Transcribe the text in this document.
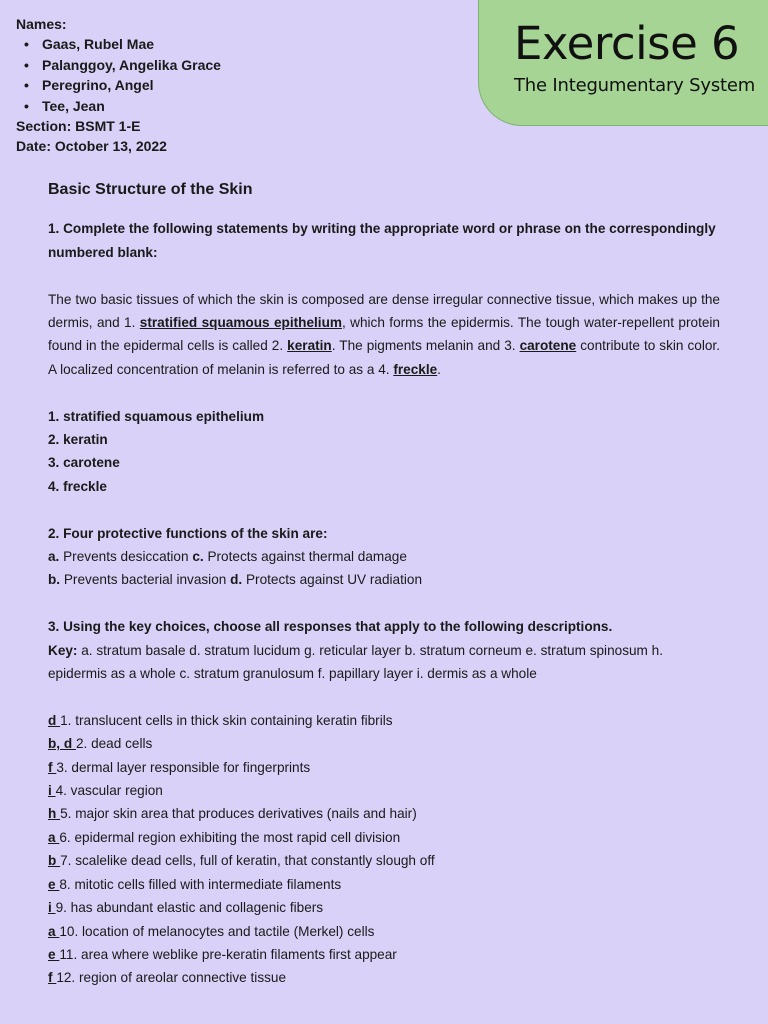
Exercise 6
The Integumentary System
Names:
• Gaas, Rubel Mae
• Palanggoy, Angelika Grace
• Peregrino, Angel
• Tee, Jean
Section: BSMT 1-E
Date: October 13, 2022
Basic Structure of the Skin

1. Complete the following statements by writing the appropriate word or phrase on the correspondingly
numbered blank:

The two basic tissues of which the skin is composed are dense irregular connective tissue, which makes up the dermis, and 1. stratified squamous epithelium, which forms the epidermis. The tough water-repellent protein found in the epidermal cells is called 2. keratin. The pigments melanin and 3. carotene contribute to skin color. A localized concentration of melanin is referred to as a 4. freckle.

1. stratified squamous epithelium
2. keratin
3. carotene
4. freckle
2. Four protective functions of the skin are:
a. Prevents desiccation c. Protects against thermal damage
b. Prevents bacterial invasion d. Protects against UV radiation
3. Using the key choices, choose all responses that apply to the following descriptions.
Key: a. stratum basale d. stratum lucidum g. reticular layer b. stratum corneum e. stratum spinosum h. epidermis as a whole c. stratum granulosum f. papillary layer i. dermis as a whole
d 1. translucent cells in thick skin containing keratin fibrils
b, d 2. dead cells
f 3. dermal layer responsible for fingerprints
i 4. vascular region
h 5. major skin area that produces derivatives (nails and hair)
a 6. epidermal region exhibiting the most rapid cell division
b 7. scalelike dead cells, full of keratin, that constantly slough off
e 8. mitotic cells filled with intermediate filaments
i 9. has abundant elastic and collagenic fibers
a 10. location of melanocytes and tactile (Merkel) cells
e 11. area where weblike pre-keratin filaments first appear
f 12. region of areolar connective tissue
